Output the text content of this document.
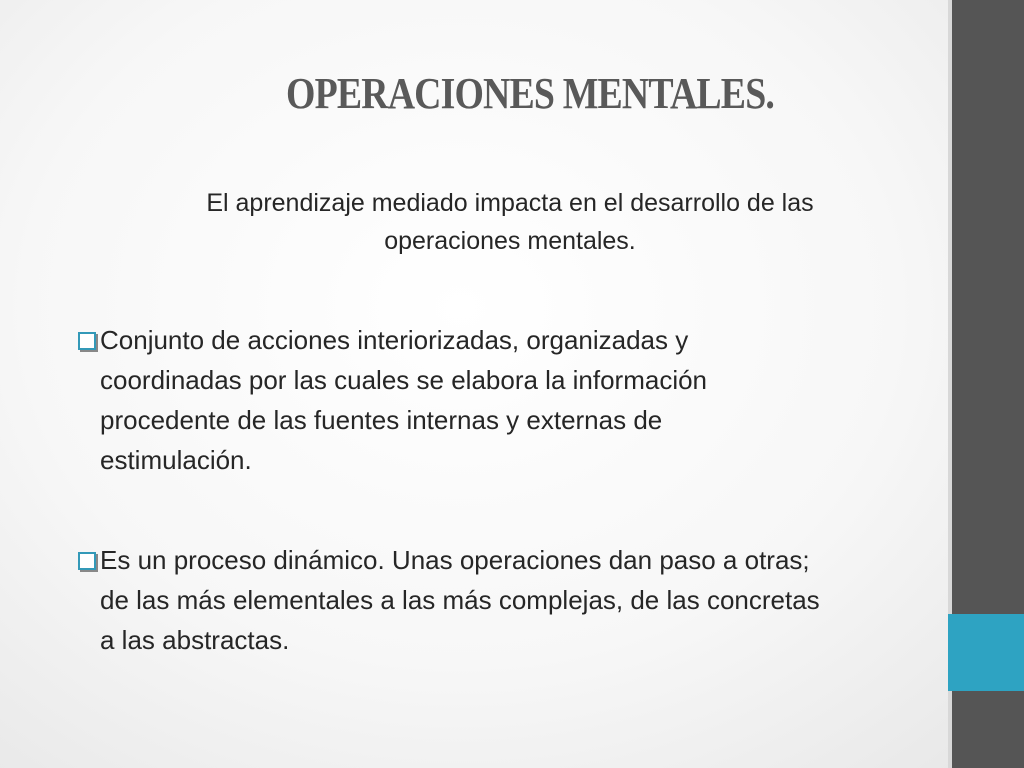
OPERACIONES MENTALES.

El aprendizaje mediado impacta en el desarrollo de las
operaciones mentales.

Conjunto de acciones interiorizadas, organizadas y
coordinadas por las cuales se elabora la información
procedente de las fuentes internas y externas de
estimulación.
Es un proceso dinámico. Unas operaciones dan paso a otras;
de las más elementales a las más complejas, de las concretas
a las abstractas.
